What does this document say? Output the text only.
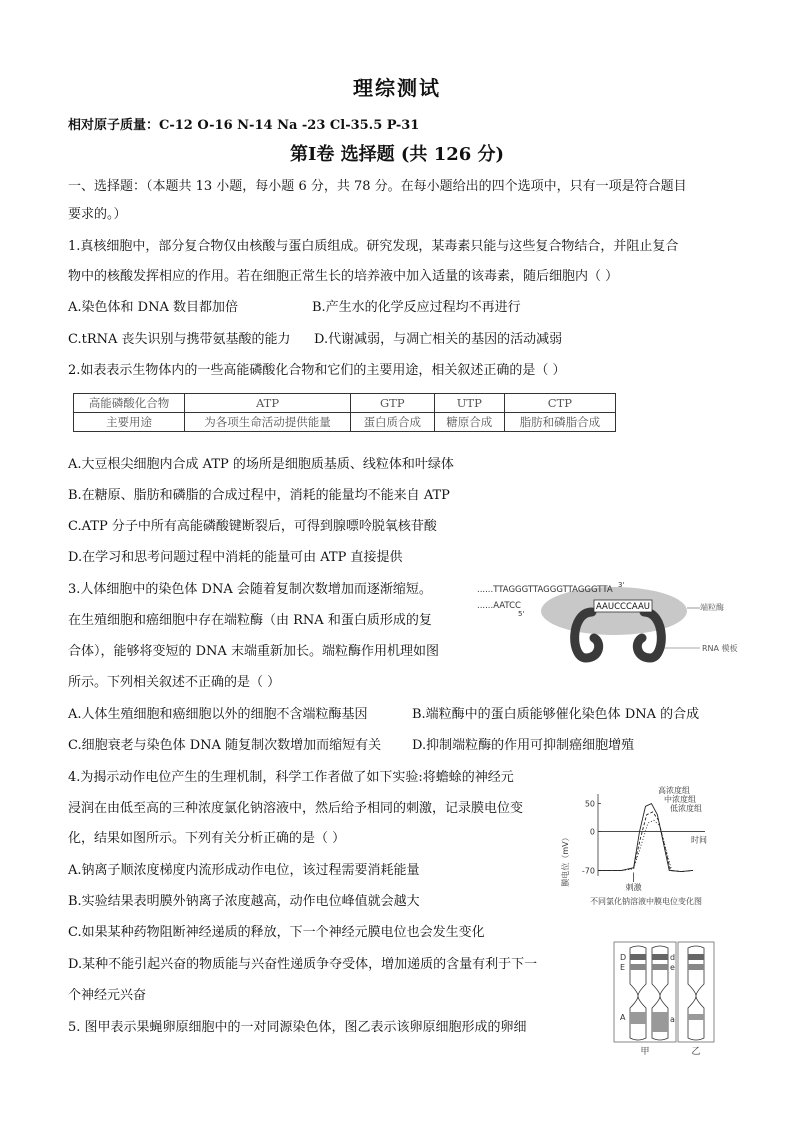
理综测试
相对原子质量：C-12 O-16 N-14 Na -23 Cl-35.5 P-31
第Ⅰ卷 选择题 (共 126 分)
一、选择题：（本题共 13 小题，每小题 6 分，共 78 分。在每小题给出的四个选项中，只有一项是符合题目
要求的。）
1.真核细胞中，部分复合物仅由核酸与蛋白质组成。研究发现，某毒素只能与这些复合物结合，并阻止复合
物中的核酸发挥相应的作用。若在细胞正常生长的培养液中加入适量的该毒素，随后细胞内（ ）
A.染色体和 DNA 数目都加倍	B.产生水的化学反应过程均不再进行
C.tRNA 丧失识别与携带氨基酸的能力 D.代谢减弱，与凋亡相关的基因的活动减弱
2.如表表示生物体内的一些高能磷酸化合物和它们的主要用途，相关叙述正确的是（ ）
高能磷酸化合物	ATP	GTP	UTP	CTP
主要用途	为各项生命活动提供能量	蛋白质合成	糖原合成	脂肪和磷脂合成
A.大豆根尖细胞内合成 ATP 的场所是细胞质基质、线粒体和叶绿体
B.在糖原、脂肪和磷脂的合成过程中，消耗的能量均不能来自 ATP
C.ATP 分子中所有高能磷酸键断裂后，可得到腺嘌呤脱氧核苷酸
D.在学习和思考问题过程中消耗的能量可由 ATP 直接提供
3.人体细胞中的染色体 DNA 会随着复制次数增加而逐渐缩短。
在生殖细胞和癌细胞中存在端粒酶（由 RNA 和蛋白质形成的复
合体），能够将变短的 DNA 末端重新加长。端粒酶作用机理如图
所示。下列相关叙述不正确的是（ ）
......TTAGGGTTAGGGTTAGGGTTA 3'
......AATCC
5'
AAUCCCAAU	端粒酶
RNA 模板
A.人体生殖细胞和癌细胞以外的细胞不含端粒酶基因	B.端粒酶中的蛋白质能够催化染色体 DNA 的合成
C.细胞衰老与染色体 DNA 随复制次数增加而缩短有关 D.抑制端粒酶的作用可抑制癌细胞增殖
4.为揭示动作电位产生的生理机制，科学工作者做了如下实验:将蟾蜍的神经元
浸润在由低至高的三种浓度氯化钠溶液中，然后给予相同的刺激，记录膜电位变
化，结果如图所示。下列有关分析正确的是（ ）
A.钠离子顺浓度梯度内流形成动作电位，该过程需要消耗能量
B.实验结果表明膜外钠离子浓度越高，动作电位峰值就会越大
C.如果某种药物阻断神经递质的释放，下一个神经元膜电位也会发生变化
D.某种不能引起兴奋的物质能与兴奋性递质争夺受体，增加递质的含量有利于下一
个神经元兴奋
膜电位（mV）	时间
50
0
-70
高浓度组
中浓度组
低浓度组
刺激
不同氯化钠溶液中膜电位变化图
5. 图甲表示果蝇卵原细胞中的一对同源染色体，图乙表示该卵原细胞形成的卵细
D
E
d
e
A	a
甲	乙
